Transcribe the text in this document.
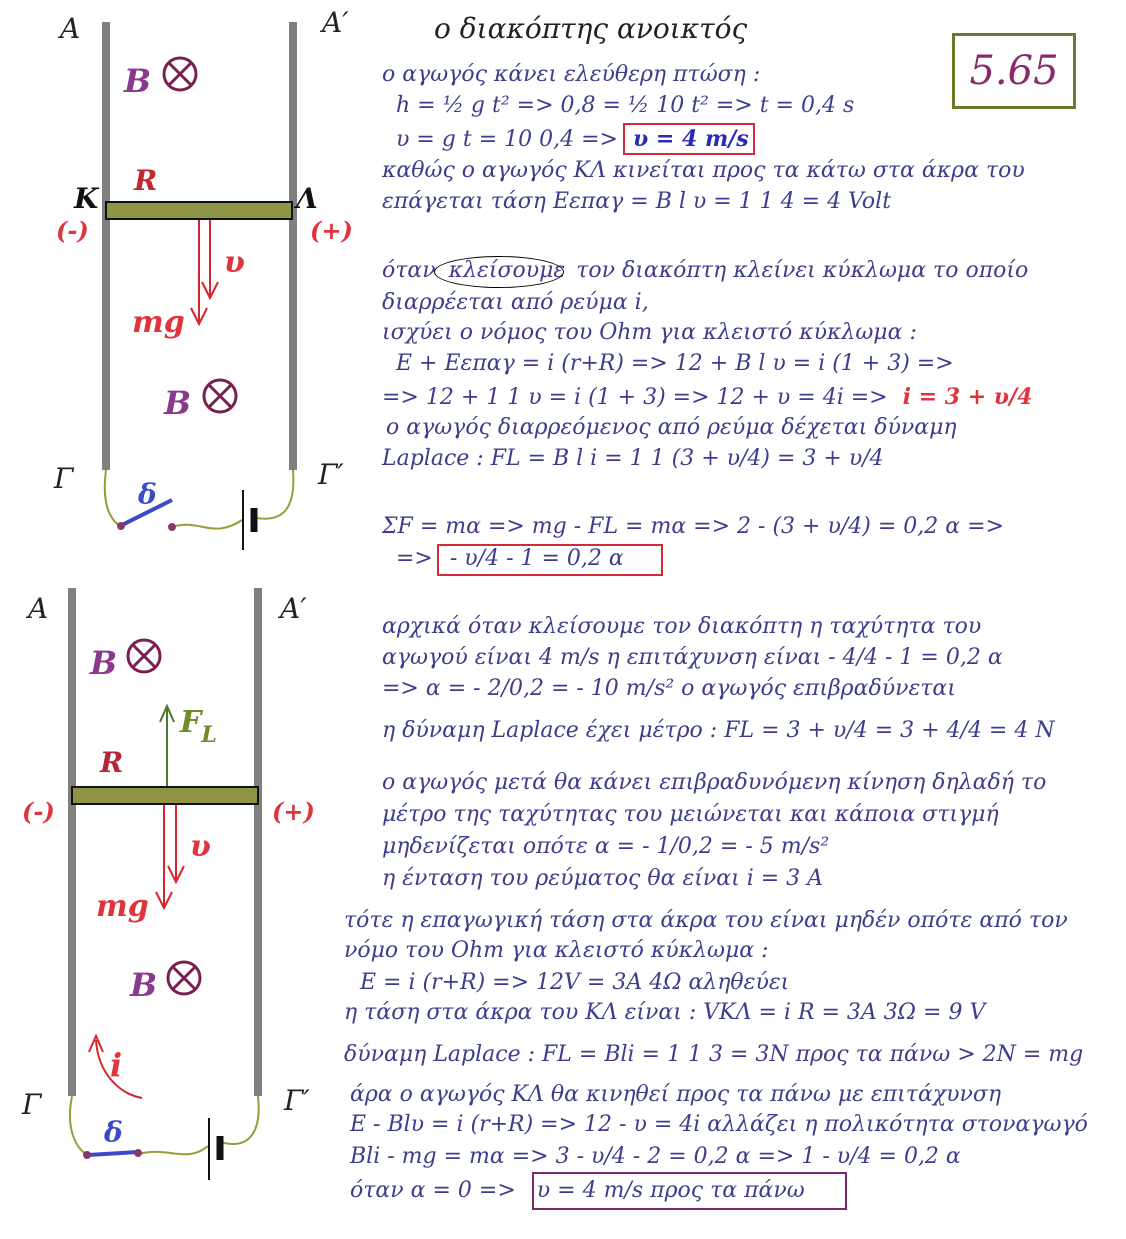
Α	Α′
Β
R
Κ	Λ
(-)	(+)
υ
mg
Β
Γ	Γ′
δ
Α	Α′
Β
$F_L$
R
(-)	(+)
υ
mg
Β
i
Γ	Γ′
δ
5.65
ο διακόπτης ανοικτός
ο αγωγός κάνει ελεύθερη πτώση :
h = ½ g t² => 0,8 = ½ 10 t² => t = 0,4 s
υ = g t = 10 0,4 => υ = 4 m/s
καθώς ο αγωγός ΚΛ κινείται προς τα κάτω στα άκρα του
επάγεται τάση Eεπαγ = B l υ = 1 1 4 = 4 Volt
όταν κλείσουμε τον διακόπτη κλείνει κύκλωμα το οποίο
διαρρέεται από ρεύμα i,
ισχύει ο νόμος του Ohm για κλειστό κύκλωμα :
E + Eεπαγ = i (r+R) => 12 + B l υ = i (1 + 3) =>
=> 12 + 1 1 υ = i (1 + 3) => 12 + υ = 4i => i = 3 + υ/4
ο αγωγός διαρρεόμενος από ρεύμα δέχεται δύναμη
Laplace : FL = B l i = 1 1 (3 + υ/4) = 3 + υ/4
ΣF = mα => mg - FL = mα => 2 - (3 + υ/4) = 0,2 α =>
=> - υ/4 - 1 = 0,2 α
αρχικά όταν κλείσουμε τον διακόπτη η ταχύτητα του
αγωγού είναι 4 m/s η επιτάχυνση είναι - 4/4 - 1 = 0,2 α
=> α = - 2/0,2 = - 10 m/s² ο αγωγός επιβραδύνεται
η δύναμη Laplace έχει μέτρο : FL = 3 + υ/4 = 3 + 4/4 = 4 N
ο αγωγός μετά θα κάνει επιβραδυνόμενη κίνηση δηλαδή το
μέτρο της ταχύτητας του μειώνεται και κάποια στιγμή
μηδενίζεται οπότε α = - 1/0,2 = - 5 m/s²
η ένταση του ρεύματος θα είναι i = 3 A
τότε η επαγωγική τάση στα άκρα του είναι μηδέν οπότε από τον
νόμο του Ohm για κλειστό κύκλωμα :
E = i (r+R) => 12V = 3A 4Ω αληθεύει
η τάση στα άκρα του ΚΛ είναι : VΚΛ = i R = 3A 3Ω = 9 V
δύναμη Laplace : FL = Bli = 1 1 3 = 3N προς τα πάνω > 2N = mg
άρα ο αγωγός ΚΛ θα κινηθεί προς τα πάνω με επιτάχυνση
E - Blυ = i (r+R) => 12 - υ = 4i αλλάζει η πολικότητα στοναγωγό
Bli - mg = mα => 3 - υ/4 - 2 = 0,2 α => 1 - υ/4 = 0,2 α
όταν α = 0 => υ = 4 m/s προς τα πάνω
